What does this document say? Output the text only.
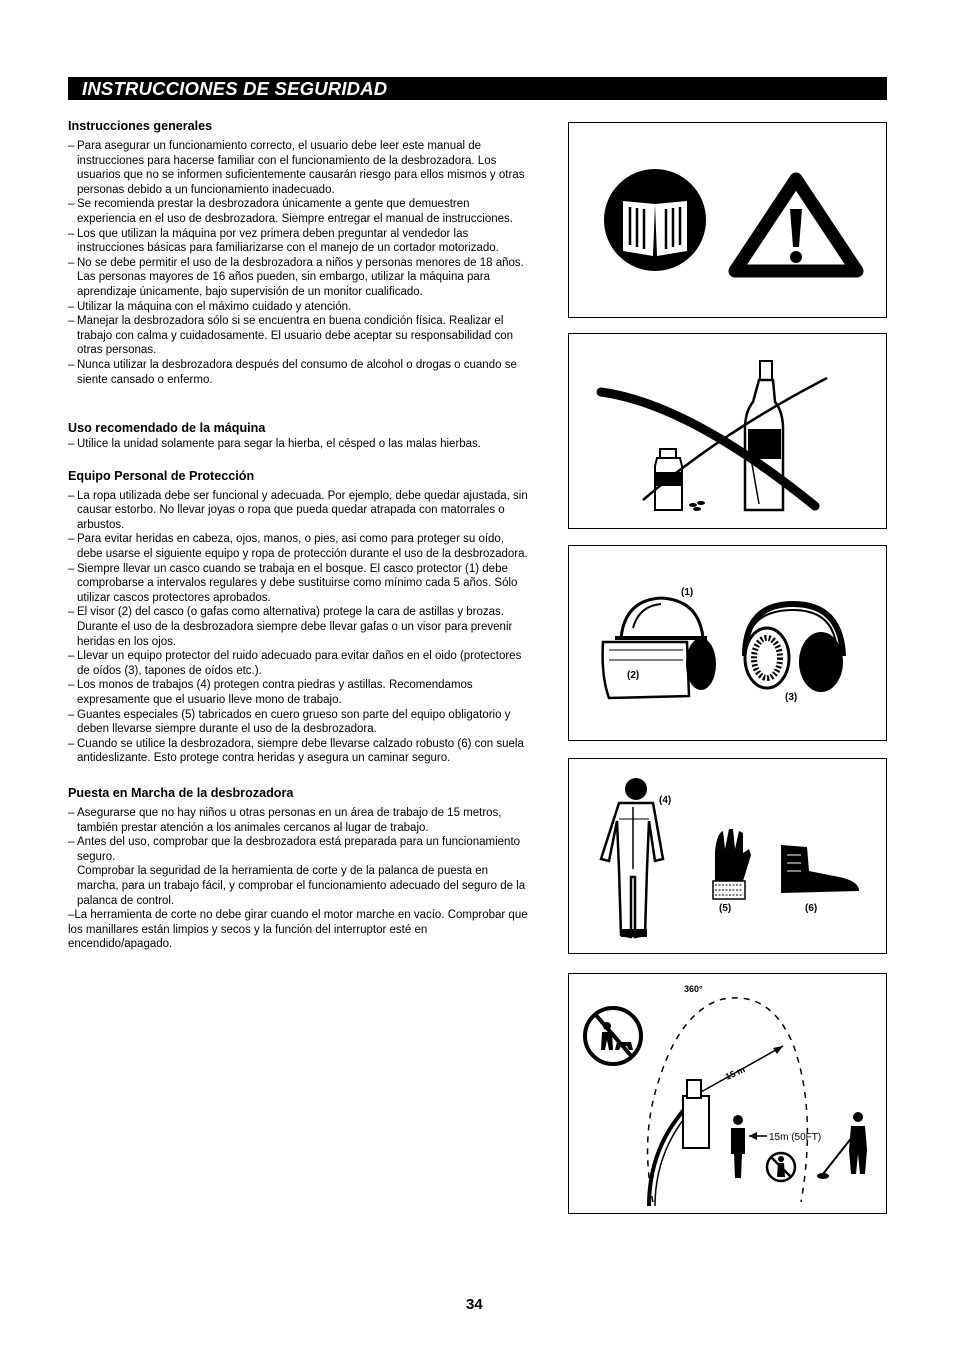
INSTRUCCIONES DE SEGURIDAD
Instrucciones generales
– Para asegurar un funcionamiento correcto, el usuario debe leer este manual de instrucciones para hacerse familiar con el funcionamiento de la desbrozadora. Los usuarios que no se informen suficientemente causarán riesgo para ellos mismos y otras personas debido a un funcionamiento inadecuado.
– Se recomienda prestar la desbrozadora únicamente a gente que demuestren experiencia en el uso de desbrozadora. Siempre entregar el manual de instrucciones.
– Los que utilizan la máquina por vez primera deben preguntar al vendedor las instrucciones básicas para familiarizarse con el manejo de un cortador motorizado.
– No se debe permitir el uso de la desbrozadora a niños y personas menores de 18 años. Las personas mayores de 16 años pueden, sin embargo, utilizar la máquina para aprendizaje únicamente, bajo supervisión de un monitor cualificado.
– Utilizar la máquina con el máximo cuidado y atención.
– Manejar la desbrozadora sólo si se encuentra en buena condición física. Realizar el trabajo con calma y cuidadosamente. El usuario debe aceptar su responsabilidad con otras personas.
– Nunca utilizar la desbrozadora después del consumo de alcohol o drogas o cuando se siente cansado o enfermo.
Uso recomendado de la máquina
– Utilice la unidad solamente para segar la hierba, el césped o las malas hierbas.
Equipo Personal de Protección
– La ropa utilizada debe ser funcional y adecuada. Por ejemplo, debe quedar ajustada, sin causar estorbo. No llevar joyas o ropa que pueda quedar atrapada con matorrales o arbustos.
– Para evitar heridas en cabeza, ojos, manos, o pies, asi como para proteger su oído, debe usarse el siguiente equipo y ropa de protección durante el uso de la desbrozadora.
– Siempre llevar un casco cuando se trabaja en el bosque. El casco protector (1) debe comprobarse a intervalos regulares y debe sustituirse como mínimo cada 5 años. Sólo utilizar cascos protectores aprobados.
– El visor (2) del casco (o gafas como alternativa) protege la cara de astillas y brozas. Durante el uso de la desbrozadora siempre debe llevar gafas o un visor para prevenir heridas en los ojos.
– Llevar un equipo protector del ruido adecuado para evitar daños en el oido (protectores de oídos (3), tapones de oídos etc.).
– Los monos de trabajos (4) protegen contra piedras y astillas. Recomendamos expresamente que el usuario lleve mono de trabajo.
– Guantes especiales (5) tabricados en cuero grueso son parte del equipo obligatorio y deben llevarse siempre durante el uso de la desbrozadora.
– Cuando se utilice la desbrozadora, siempre debe llevarse calzado robusto (6) con suela antideslizante. Esto protege contra heridas y asegura un caminar seguro.
Puesta en Marcha de la desbrozadora
– Asegurarse que no hay niños u otras personas en un área de trabajo de 15 metros, también prestar atención a los animales cercanos al lugar de trabajo.
– Antes del uso, comprobar que la desbrozadora está preparada para un funcionamiento seguro.
Comprobar la seguridad de la herramienta de corte y de la palanca de puesta en marcha, para un trabajo fácil, y comprobar el funcionamiento adecuado del seguro de la palanca de control.
–La herramienta de corte no debe girar cuando el motor marche en vacío. Comprobar que los manillares están limpios y secos y la función del interruptor esté en encendido/apagado.
(1)
(2)
(3)
(4)
(5)	(6)
360°
15 m
15m (50FT)
34
